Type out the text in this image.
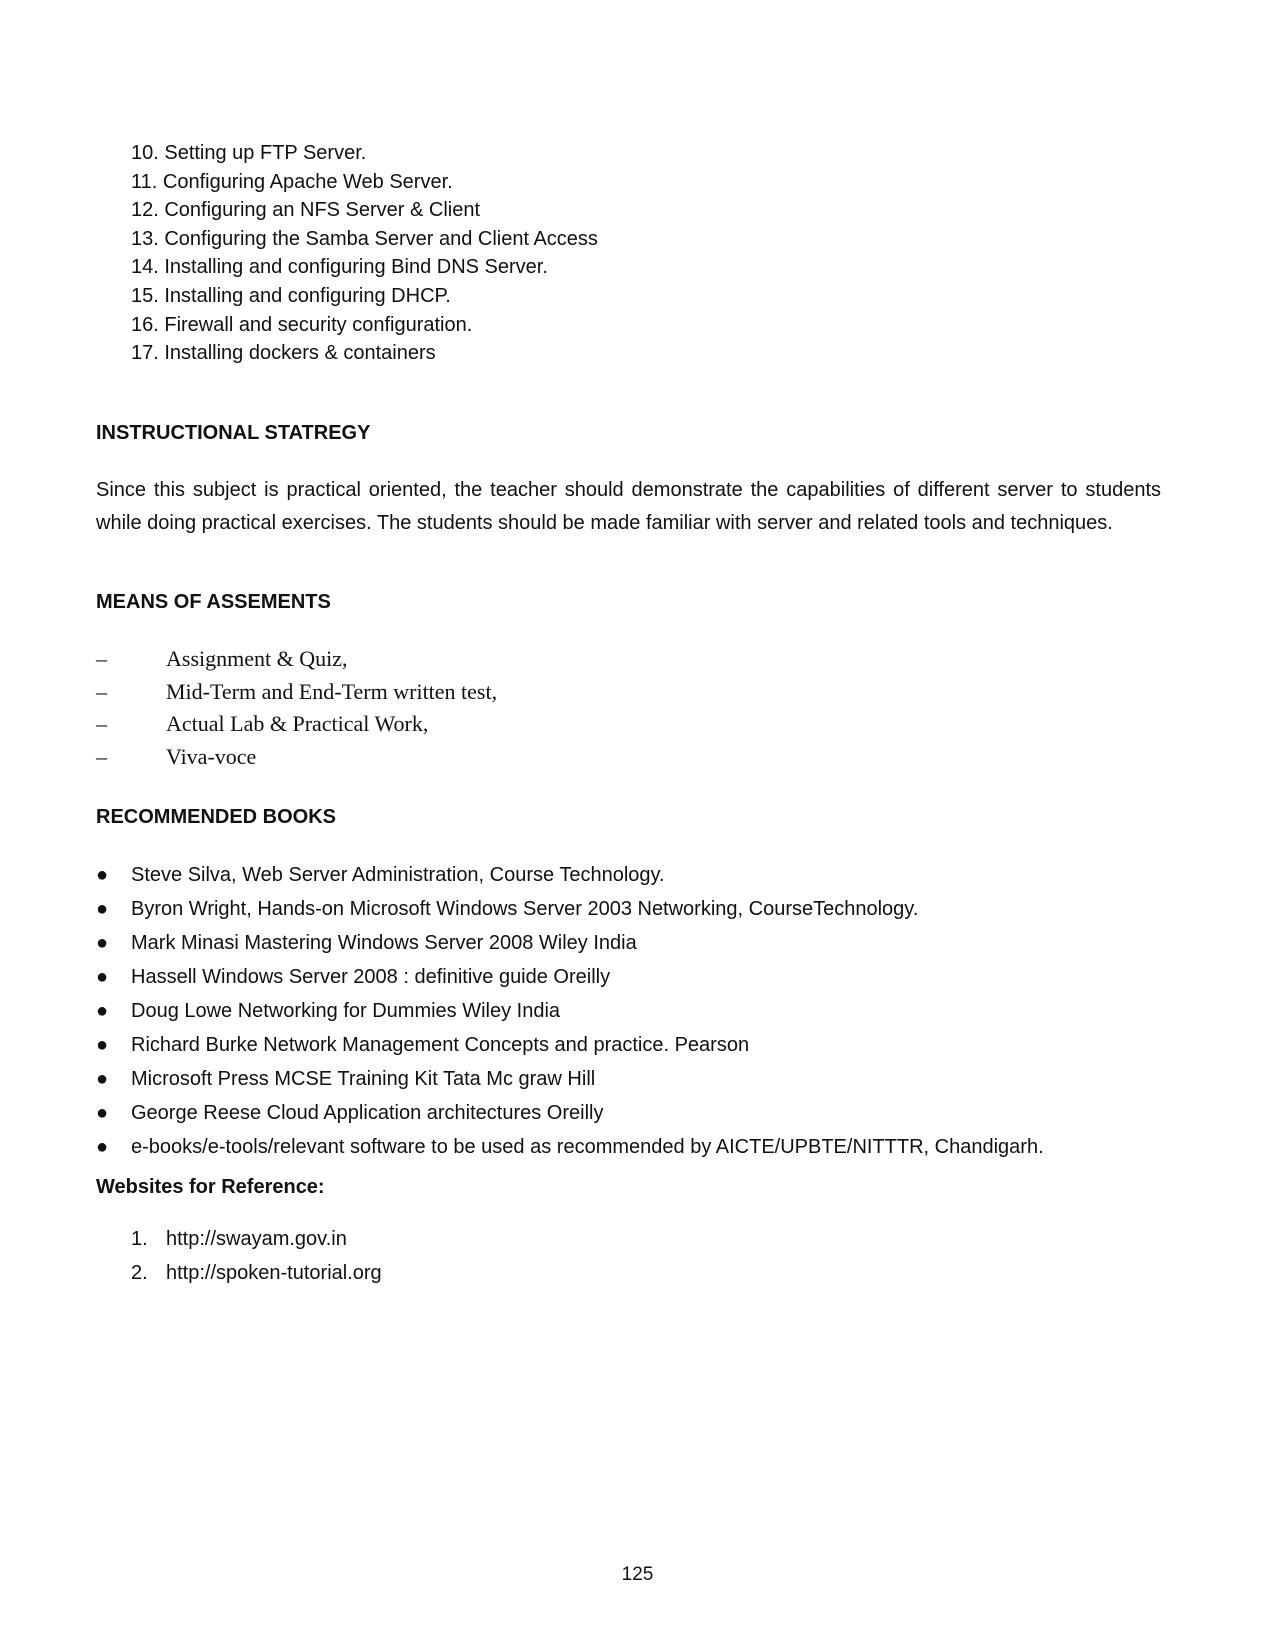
10. Setting up FTP Server.
11. Configuring Apache Web Server.
12. Configuring an NFS Server & Client
13. Configuring the Samba Server and Client Access
14. Installing and configuring Bind DNS Server.
15. Installing and configuring DHCP.
16. Firewall and security configuration.
17. Installing dockers & containers
INSTRUCTIONAL STATREGY

Since this subject is practical oriented, the teacher should demonstrate the capabilities of different server to students while doing practical exercises. The students should be made familiar with server and related tools and techniques.

MEANS OF ASSEMENTS
–	Assignment & Quiz,
–	Mid-Term and End-Term written test,
–	Actual Lab & Practical Work,
–	Viva-voce
RECOMMENDED BOOKS
● Steve Silva, Web Server Administration, Course Technology.
● Byron Wright, Hands-on Microsoft Windows Server 2003 Networking, CourseTechnology.
● Mark Minasi Mastering Windows Server 2008 Wiley India
● Hassell Windows Server 2008 : definitive guide Oreilly
● Doug Lowe Networking for Dummies Wiley India
● Richard Burke Network Management Concepts and practice. Pearson
● Microsoft Press MCSE Training Kit Tata Mc graw Hill
● George Reese Cloud Application architectures Oreilly
● e-books/e-tools/relevant software to be used as recommended by AICTE/UPBTE/NITTTR, Chandigarh.
Websites for Reference:
1. http://swayam.gov.in
2. http://spoken-tutorial.org
125
